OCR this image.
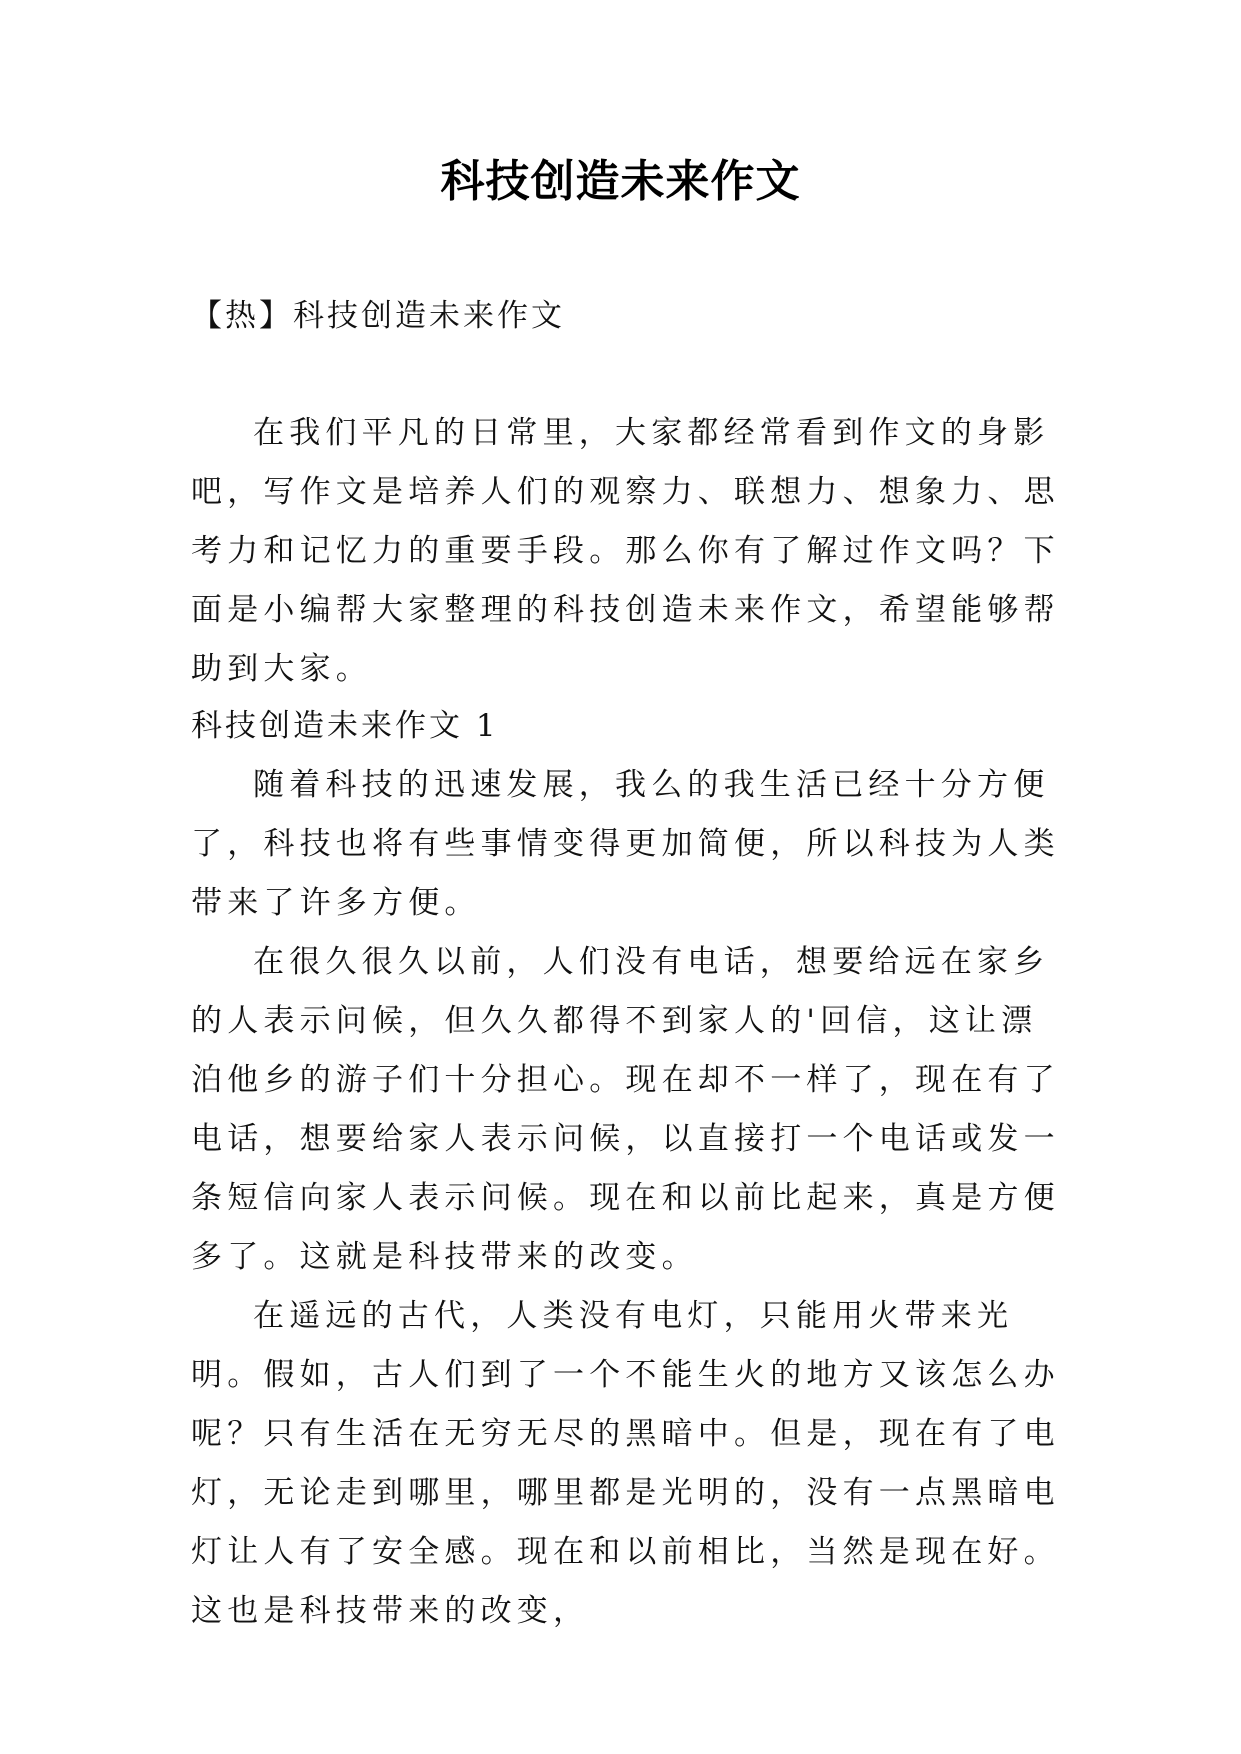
科技创造未来作文
【热】科技创造未来作文

在我们平凡的日常里，大家都经常看到作文的身影吧，写作文是培养人们的观察力、联想力、想象力、思考力和记忆力的重要手段。那么你有了解过作文吗？下面是小编帮大家整理的科技创造未来作文，希望能够帮助到大家。

科技创造未来作文 1

随着科技的迅速发展，我么的我生活已经十分方便了，科技也将有些事情变得更加简便，所以科技为人类带来了许多方便。

在很久很久以前，人们没有电话，想要给远在家乡的人表示问候，但久久都得不到家人的'回信，这让漂泊他乡的游子们十分担心。现在却不一样了，现在有了电话，想要给家人表示问候，以直接打一个电话或发一条短信向家人表示问候。现在和以前比起来，真是方便多了。这就是科技带来的改变。

在遥远的古代，人类没有电灯，只能用火带来光明。假如，古人们到了一个不能生火的地方又该怎么办呢？只有生活在无穷无尽的黑暗中。但是，现在有了电灯，无论走到哪里，哪里都是光明的，没有一点黑暗电灯让人有了安全感。现在和以前相比，当然是现在好。这也是科技带来的改变，
